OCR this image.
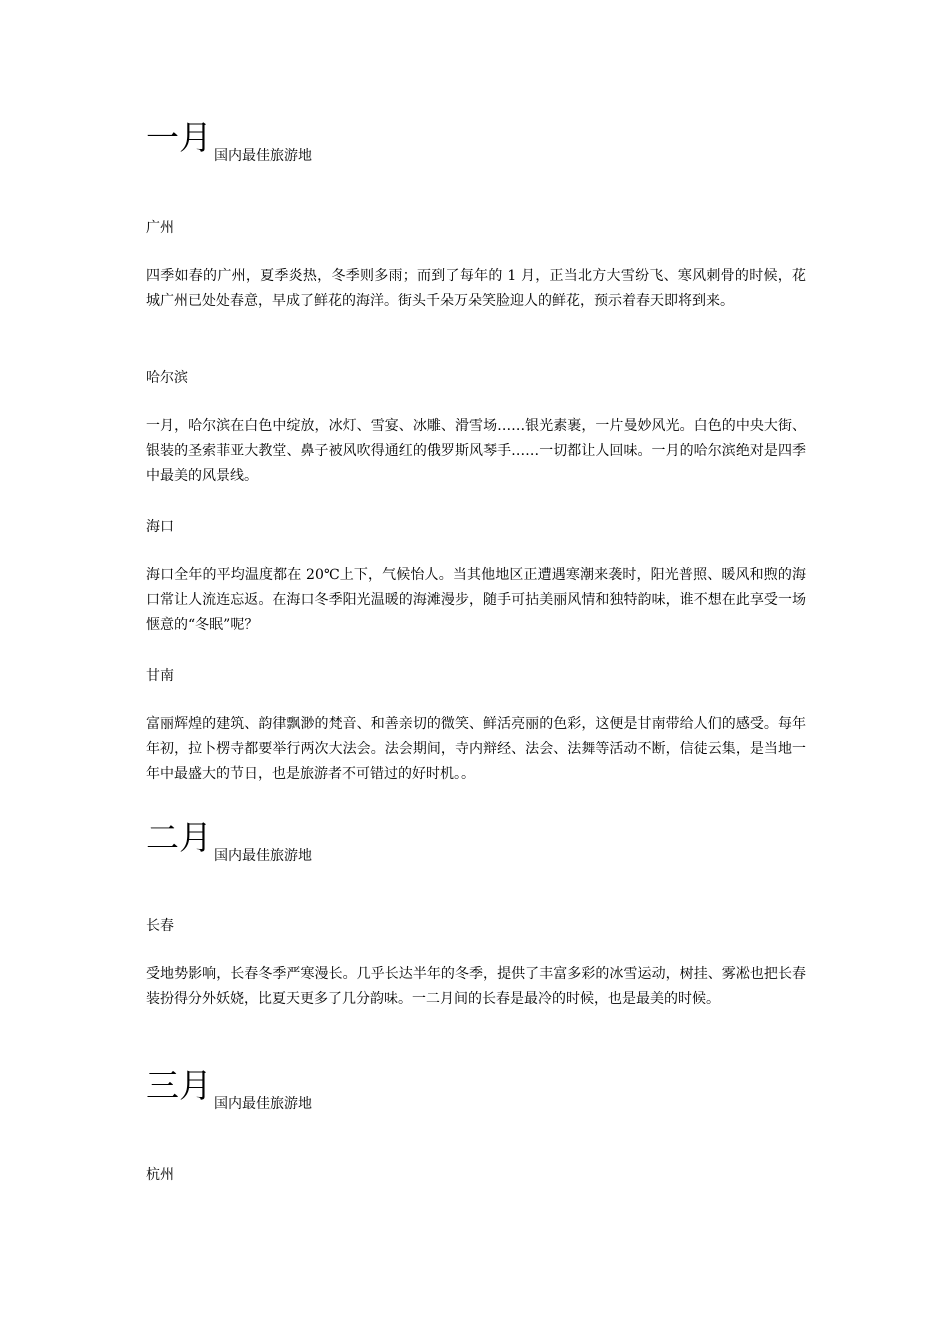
一月 国内最佳旅游地
广州

四季如春的广州，夏季炎热，冬季则多雨；而到了每年的 1 月，正当北方大雪纷飞、寒风刺骨的时候，花城广州已处处春意，早成了鲜花的海洋。街头千朵万朵笑脸迎人的鲜花，预示着春天即将到来。

哈尔滨

一月，哈尔滨在白色中绽放，冰灯、雪宴、冰雕、滑雪场……银光素裹，一片曼妙风光。白色的中央大街、银装的圣索菲亚大教堂、鼻子被风吹得通红的俄罗斯风琴手……一切都让人回味。一月的哈尔滨绝对是四季中最美的风景线。

海口

海口全年的平均温度都在 20℃上下，气候怡人。当其他地区正遭遇寒潮来袭时，阳光普照、暖风和煦的海口常让人流连忘返。在海口冬季阳光温暖的海滩漫步，随手可拈美丽风情和独特韵味，谁不想在此享受一场惬意的“冬眠”呢？

甘南

富丽辉煌的建筑、韵律飘渺的梵音、和善亲切的微笑、鲜活亮丽的色彩，这便是甘南带给人们的感受。每年年初，拉卜楞寺都要举行两次大法会。法会期间，寺内辩经、法会、法舞等活动不断，信徒云集，是当地一年中最盛大的节日，也是旅游者不可错过的好时机。。

二月 国内最佳旅游地
长春

受地势影响，长春冬季严寒漫长。几乎长达半年的冬季，提供了丰富多彩的冰雪运动，树挂、雾凇也把长春装扮得分外妖娆，比夏天更多了几分韵味。一二月间的长春是最冷的时候，也是最美的时候。

三月 国内最佳旅游地
杭州
